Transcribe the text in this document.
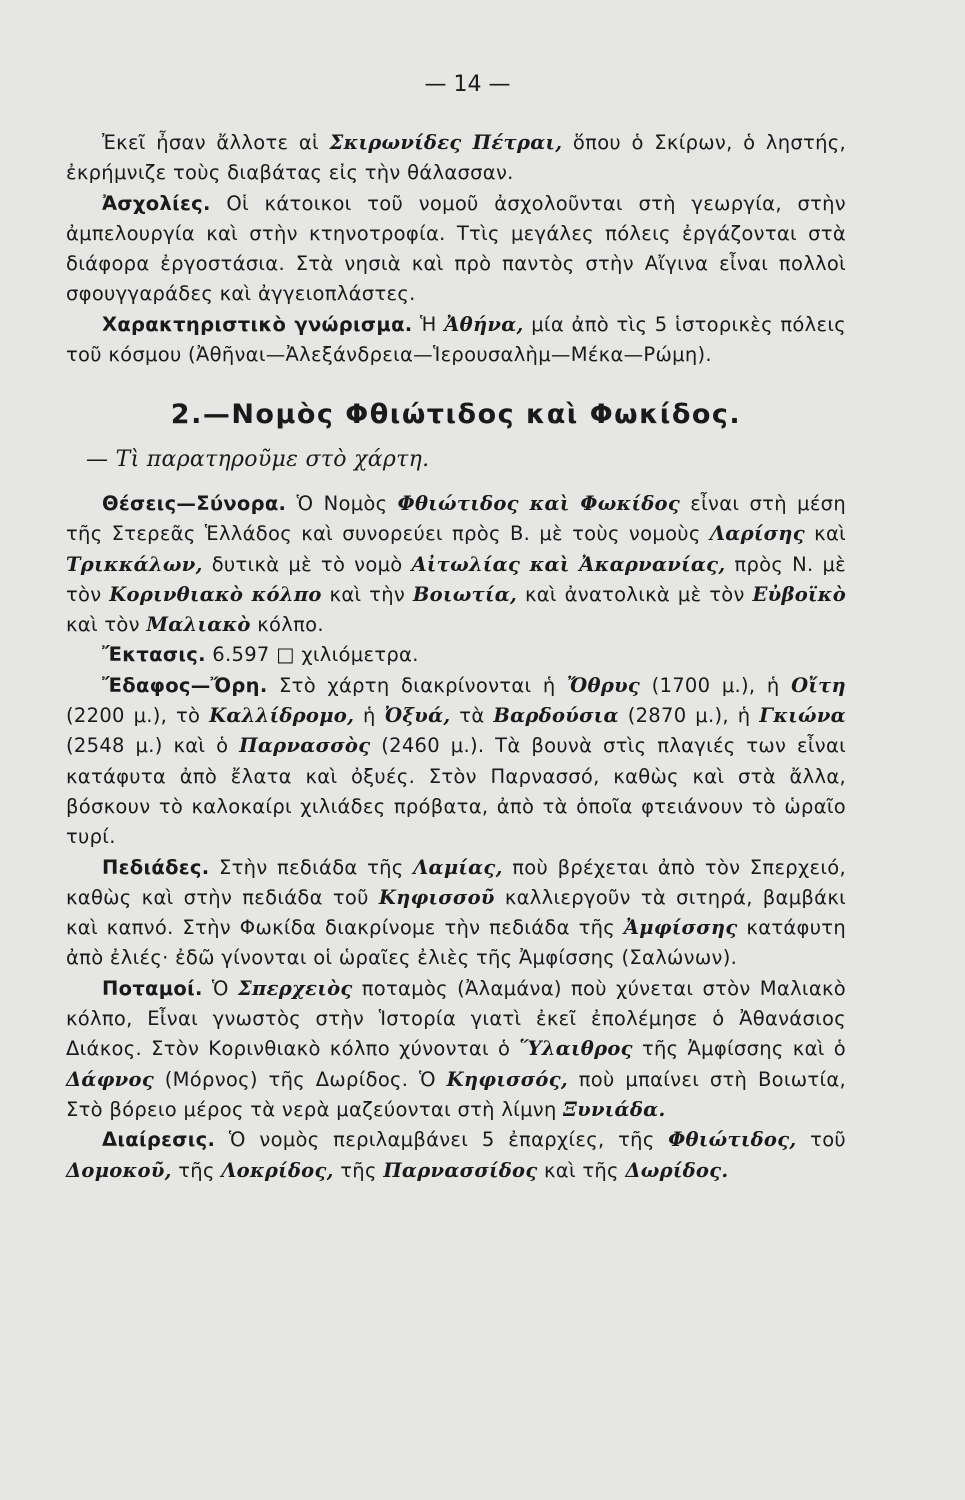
— 14 —

Ἐκεῖ ἦσαν ἄλλοτε αἱ Σκιρωνίδες Πέτραι, ὅπου ὁ Σκίρων, ὁ ληστής, ἐκρήμνιζε τοὺς διαβάτας εἰς τὴν θάλασσαν.

Ἀσχολίες. Οἱ κάτοικοι τοῦ νομοῦ ἀσχολοῦνται στὴ γεωργία, στὴν ἀμπελουργία καὶ στὴν κτηνοτροφία. Ττὶς μεγάλες πόλεις ἐργάζονται στὰ διάφορα ἐργοστάσια. Στὰ νησιὰ καὶ πρὸ παντὸς στὴν Αἴγινα εἶναι πολλοὶ σφουγγαράδες καὶ ἀγγειοπλάστες.

Χαρακτηριστικὸ γνώρισμα. Ἡ Ἀθήνα, μία ἀπὸ τὶς 5 ἱστορικὲς πόλεις τοῦ κόσμου (Ἀθῆναι—Ἀλεξάνδρεια—Ἱερουσαλὴμ—Μέκα—Ρώμη).

2.—Νομὸς Φθιώτιδος καὶ Φωκίδος.
— Τὶ παρατηροῦμε στὸ χάρτη.

Θέσεις—Σύνορα. Ὁ Νομὸς Φθιώτιδος καὶ Φωκίδος εἶναι στὴ μέση τῆς Στερεᾶς Ἑλλάδος καὶ συνορεύει πρὸς Β. μὲ τοὺς νομοὺς Λαρίσης καὶ Τρικκάλων, δυτικὰ μὲ τὸ νομὸ Αἰτωλίας καὶ Ἀκαρνανίας, πρὸς Ν. μὲ τὸν Κορινθιακὸ κόλπο καὶ τὴν Βοιωτία, καὶ ἀνατολικὰ μὲ τὸν Εὐβοϊκὸ καὶ τὸν Μαλιακὸ κόλπο.

Ἔκτασις. 6.597 □ χιλιόμετρα.

Ἔδαφος—Ὄρη. Στὸ χάρτη διακρίνονται ἡ Ὄθρυς (1700 μ.), ἡ Οἴτη (2200 μ.), τὸ Καλλίδρομο, ἡ Ὀξυά, τὰ Βαρδούσια (2870 μ.), ἡ Γκιώνα (2548 μ.) καὶ ὁ Παρνασσὸς (2460 μ.). Τὰ βουνὰ στὶς πλαγιές των εἶναι κατάφυτα ἀπὸ ἔλατα καὶ ὀξυές. Στὸν Παρνασσό, καθὼς καὶ στὰ ἄλλα, βόσκουν τὸ καλοκαίρι χιλιάδες πρόβατα, ἀπὸ τὰ ὁποῖα φτειάνουν τὸ ὡραῖο τυρί.

Πεδιάδες. Στὴν πεδιάδα τῆς Λαμίας, ποὺ βρέχεται ἀπὸ τὸν Σπερχειό, καθὼς καὶ στὴν πεδιάδα τοῦ Κηφισσοῦ καλλιεργοῦν τὰ σιτηρά, βαμβάκι καὶ καπνό. Στὴν Φωκίδα διακρίνομε τὴν πεδιάδα τῆς Ἀμφίσσης κατάφυτη ἀπὸ ἐλιές· ἐδῶ γίνονται οἱ ὡραῖες ἐλιὲς τῆς Ἀμφίσσης (Σαλώνων).

Ποταμοί. Ὁ Σπερχειὸς ποταμὸς (Ἀλαμάνα) ποὺ χύνεται στὸν Μαλιακὸ κόλπο, Εἶναι γνωστὸς στὴν Ἱστορία γιατὶ ἐκεῖ ἐπολέμησε ὁ Ἀθανάσιος Διάκος. Στὸν Κορινθιακὸ κόλπο χύνονται ὁ Ὕλαιθρος τῆς Ἀμφίσσης καὶ ὁ Δάφνος (Μόρνος) τῆς Δωρίδος. Ὁ Κηφισσός, ποὺ μπαίνει στὴ Βοιωτία, Στὸ βόρειο μέρος τὰ νερὰ μαζεύονται στὴ λίμνη Ξυνιάδα.

Διαίρεσις. Ὁ νομὸς περιλαμβάνει 5 ἐπαρχίες, τῆς Φθιώτιδος, τοῦ Δομοκοῦ, τῆς Λοκρίδος, τῆς Παρνασσίδος καὶ τῆς Δωρίδος.
